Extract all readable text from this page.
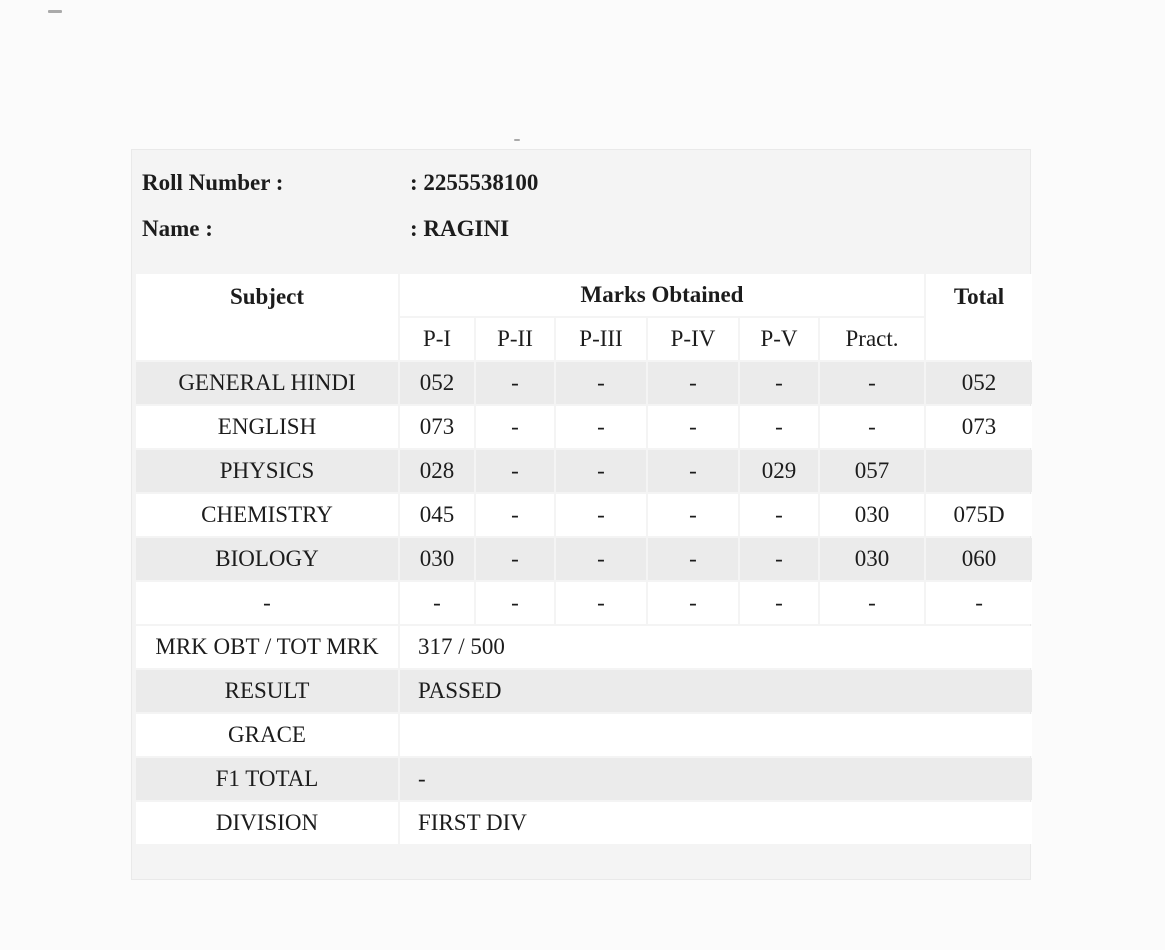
Roll Number :	: 2255538100
Name :	: RAGINI
Subject	Marks Obtained						Total
	P-I	P-II	P-III	P-IV	P-V	Pract.	
GENERAL HINDI	052	-	-	-	-	-	052
ENGLISH	073	-	-	-	-	-	073
PHYSICS	028	-	-	-	029	057	
CHEMISTRY	045	-	-	-	-	030	075D
BIOLOGY	030	-	-	-	-	030	060
-	-	-	-	-	-	-	-
MRK OBT / TOT MRK	317 / 500						
RESULT	PASSED						
GRACE							
F1 TOTAL	-						
DIVISION	FIRST DIV						
